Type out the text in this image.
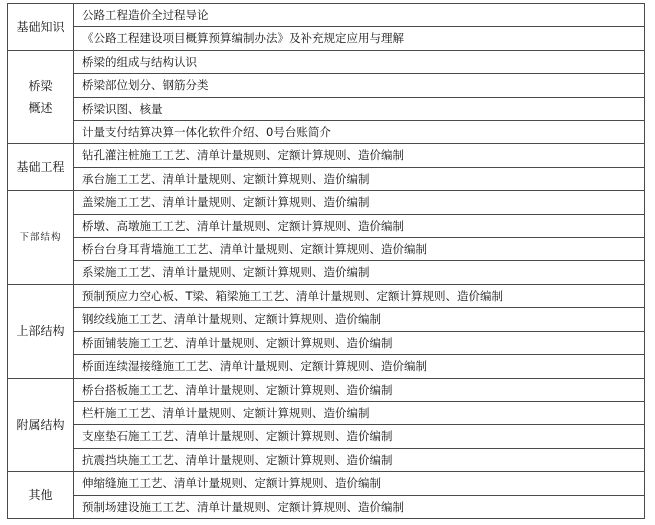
基础知识	公路工程造价全过程导论
	《公路工程建设项目概算预算编制办法》及补充规定应用与理解

桥梁
概述	桥梁的组成与结构认识
	桥梁部位划分、钢筋分类
	桥梁识图、核量
	计量支付结算决算一体化软件介绍、0号台账简介

基础工程	钻孔灌注桩施工工艺、清单计量规则、定额计算规则、造价编制
	承台施工工艺、清单计量规则、定额计算规则、造价编制

下部结构	盖梁施工工艺、清单计量规则、定额计算规则、造价编制
	桥墩、高墩施工工艺、清单计量规则、定额计算规则、造价编制
	桥台台身耳背墙施工工艺、清单计量规则、定额计算规则、造价编制
	系梁施工工艺、清单计量规则、定额计算规则、造价编制

上部结构	预制预应力空心板、T梁、箱梁施工工艺、清单计量规则、定额计算规则、造价编制
	钢绞线施工工艺、清单计量规则、定额计算规则、造价编制
	桥面铺装施工工艺、清单计量规则、定额计算规则、造价编制
	桥面连续湿接缝施工工艺、清单计量规则、定额计算规则、造价编制

附属结构	桥台搭板施工工艺、清单计量规则、定额计算规则、造价编制
	栏杆施工工艺、清单计量规则、定额计算规则、造价编制
	支座垫石施工工艺、清单计量规则、定额计算规则、造价编制
	抗震挡块施工工艺、清单计量规则、定额计算规则、造价编制

其他	伸缩缝施工工艺、清单计量规则、定额计算规则、造价编制
	预制场建设施工工艺、清单计量规则、定额计算规则、造价编制
